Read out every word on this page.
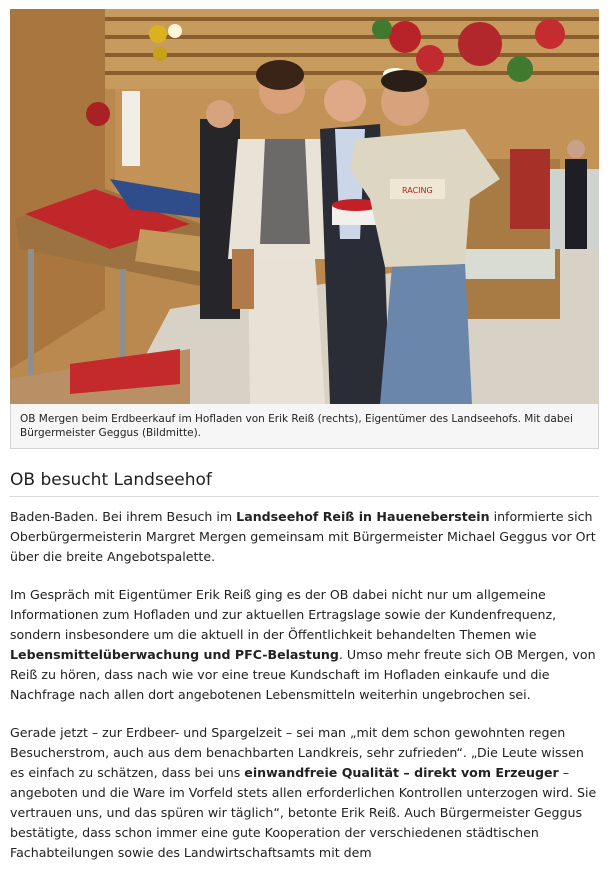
RACING
OB Mergen beim Erdbeerkauf im Hofladen von Erik Reiß (rechts), Eigentümer des Landseehofs. Mit dabei Bürgermeister Geggus (Bildmitte).
OB besucht Landseehof

Baden-Baden. Bei ihrem Besuch im Landseehof Reiß in Haueneberstein informierte sich Oberbürgermeisterin Margret Mergen gemeinsam mit Bürgermeister Michael Geggus vor Ort über die breite Angebotspalette.

Im Gespräch mit Eigentümer Erik Reiß ging es der OB dabei nicht nur um allgemeine Informationen zum Hofladen und zur aktuellen Ertragslage sowie der Kundenfrequenz, sondern insbesondere um die aktuell in der Öffentlichkeit behandelten Themen wie Lebensmittelüberwachung und PFC-Belastung. Umso mehr freute sich OB Mergen, von Reiß zu hören, dass nach wie vor eine treue Kundschaft im Hofladen einkaufe und die Nachfrage nach allen dort angebotenen Lebensmitteln weiterhin ungebrochen sei.

Gerade jetzt – zur Erdbeer- und Spargelzeit – sei man „mit dem schon gewohnten regen Besucherstrom, auch aus dem benachbarten Landkreis, sehr zufrieden“. „Die Leute wissen es einfach zu schätzen, dass bei uns einwandfreie Qualität – direkt vom Erzeuger – angeboten und die Ware im Vorfeld stets allen erforderlichen Kontrollen unterzogen wird. Sie vertrauen uns, und das spüren wir täglich“, betonte Erik Reiß. Auch Bürgermeister Geggus bestätigte, dass schon immer eine gute Kooperation der verschiedenen städtischen Fachabteilungen sowie des Landwirtschaftsamts mit dem
